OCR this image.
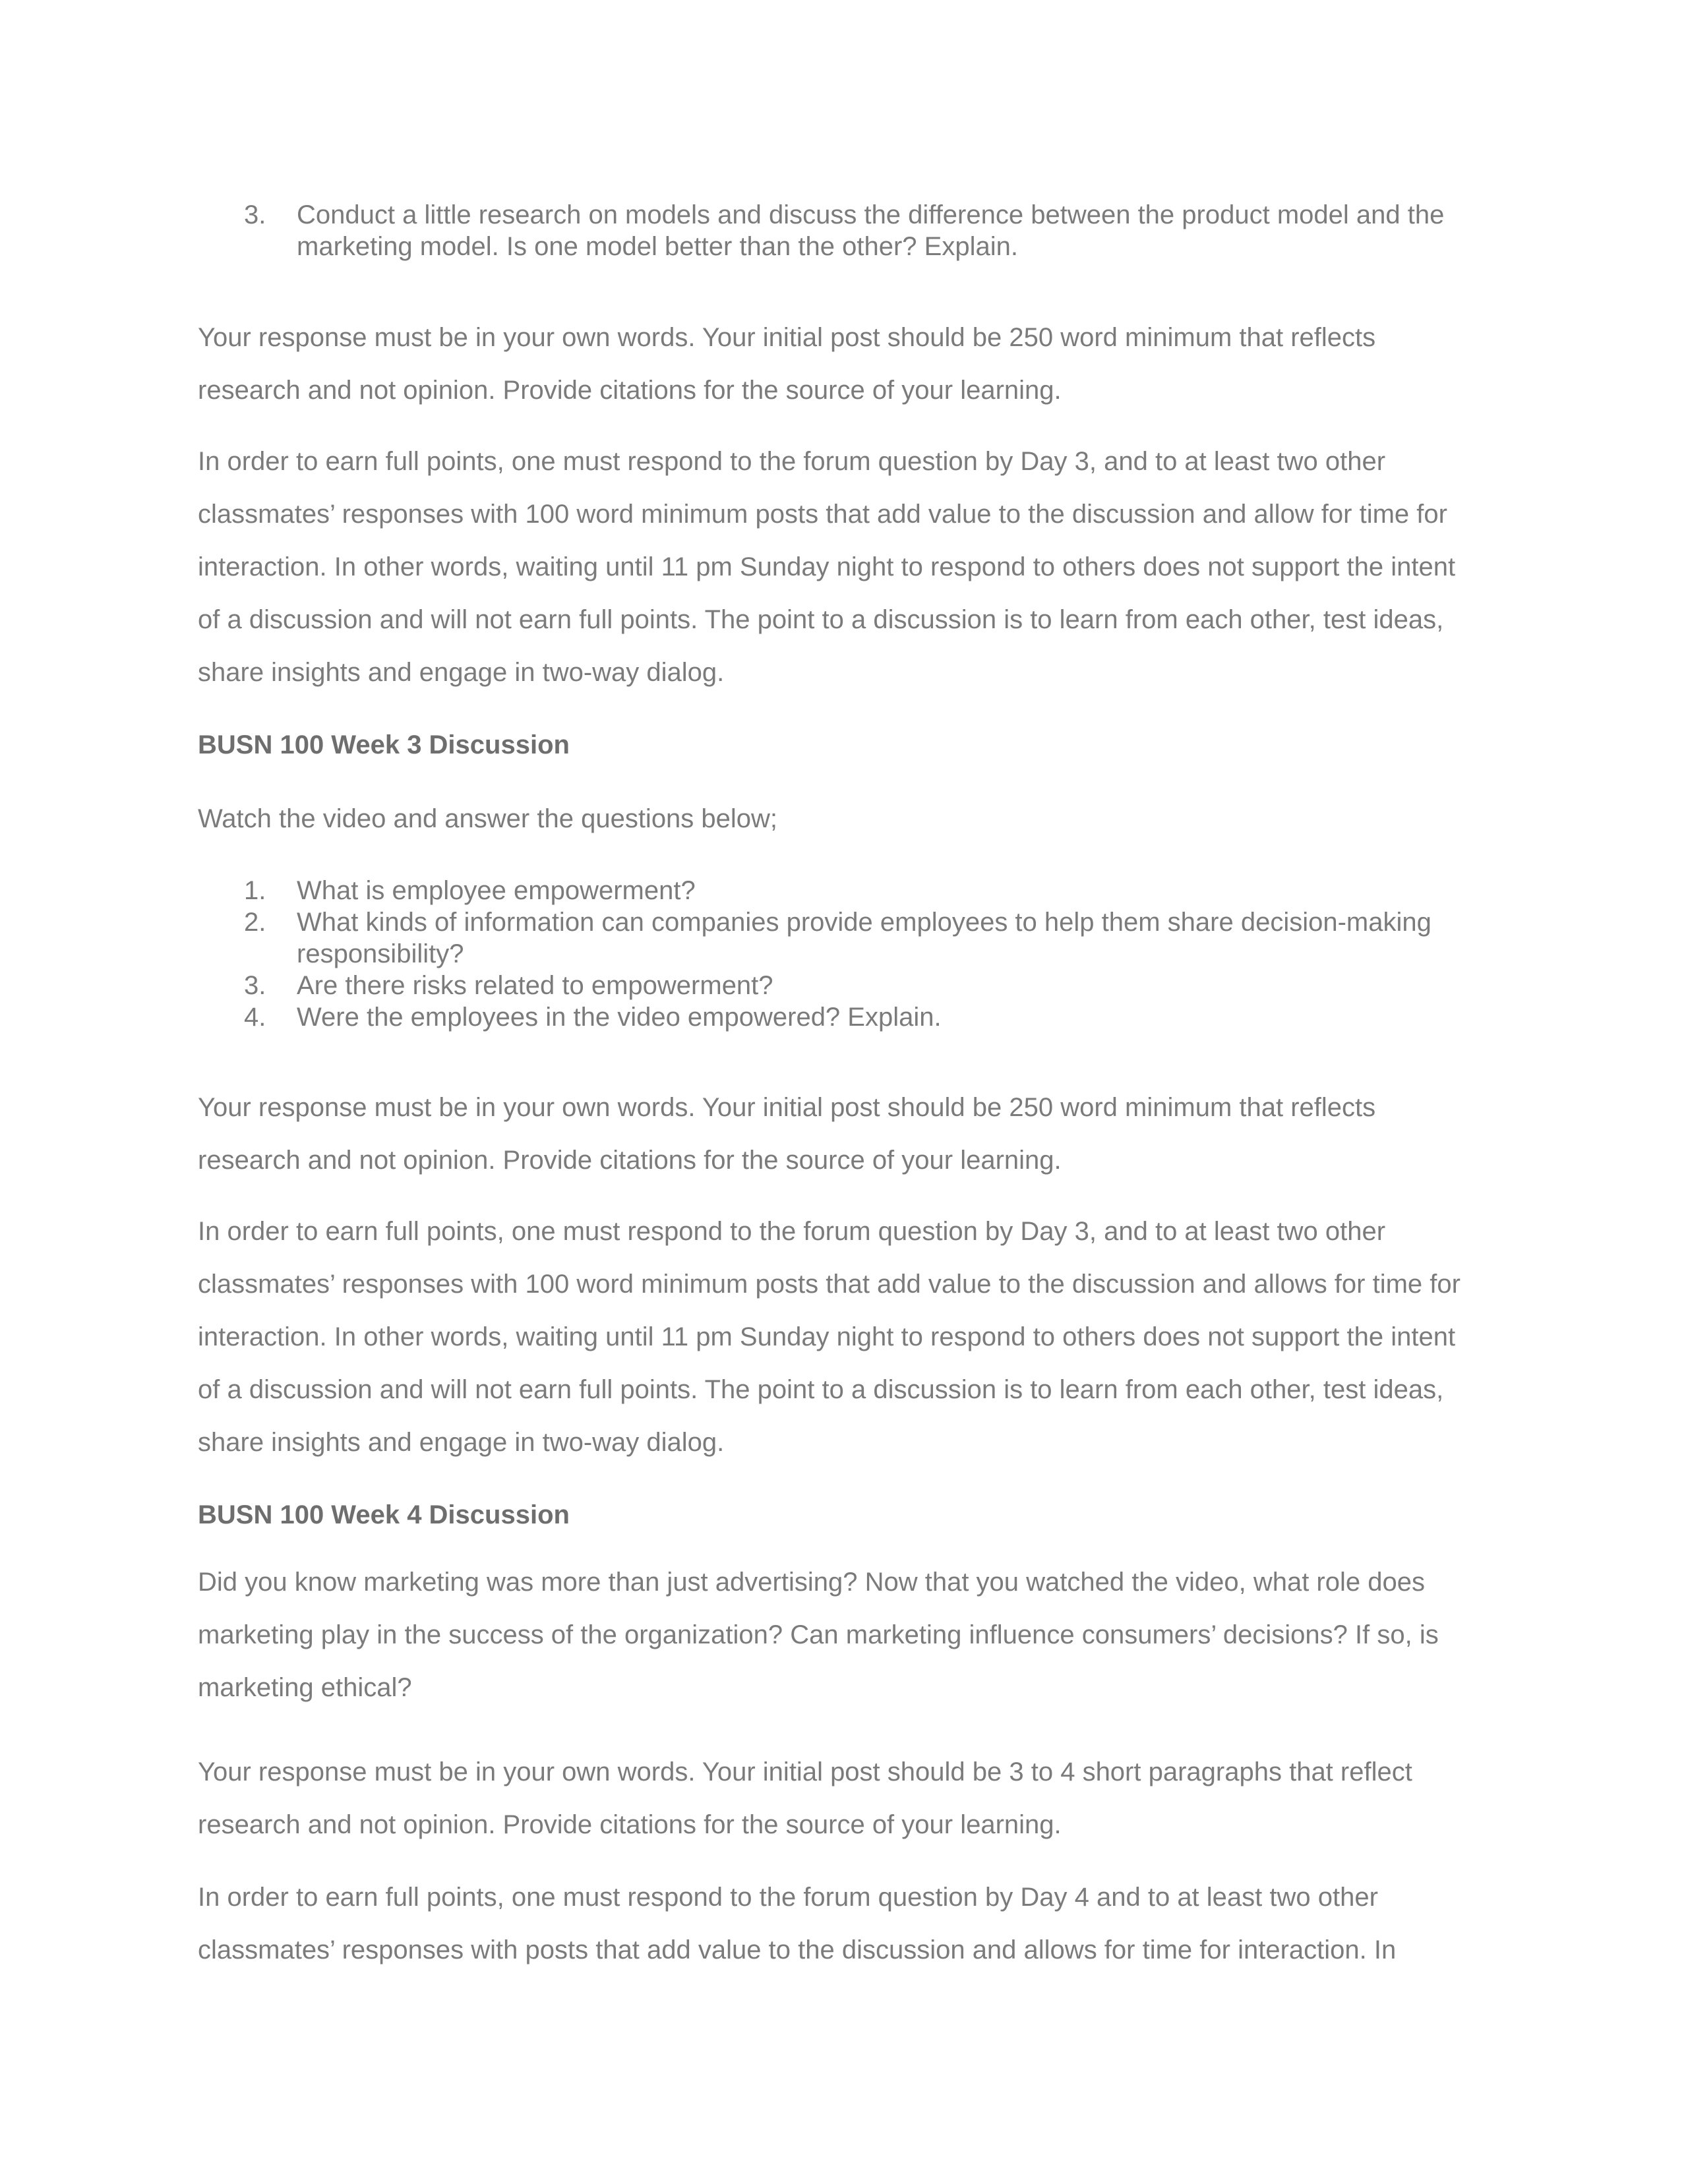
3.	Conduct a little research on models and discuss the difference between the product model and the marketing model. Is one model better than the other? Explain.
Your response must be in your own words. Your initial post should be 250 word minimum that reflects research and not opinion. Provide citations for the source of your learning.
In order to earn full points, one must respond to the forum question by Day 3, and to at least two other classmates’ responses with 100 word minimum posts that add value to the discussion and allow for time for interaction. In other words, waiting until 11 pm Sunday night to respond to others does not support the intent of a discussion and will not earn full points. The point to a discussion is to learn from each other, test ideas, share insights and engage in two-way dialog.
BUSN 100 Week 3 Discussion
Watch the video and answer the questions below;
1.	What is employee empowerment?
2.	What kinds of information can companies provide employees to help them share decision-making responsibility?
3.	Are there risks related to empowerment?
4.	Were the employees in the video empowered? Explain.
Your response must be in your own words. Your initial post should be 250 word minimum that reflects research and not opinion. Provide citations for the source of your learning.
In order to earn full points, one must respond to the forum question by Day 3, and to at least two other classmates’ responses with 100 word minimum posts that add value to the discussion and allows for time for interaction. In other words, waiting until 11 pm Sunday night to respond to others does not support the intent of a discussion and will not earn full points. The point to a discussion is to learn from each other, test ideas, share insights and engage in two-way dialog.
BUSN 100 Week 4 Discussion
Did you know marketing was more than just advertising? Now that you watched the video, what role does marketing play in the success of the organization? Can marketing influence consumers’ decisions? If so, is marketing ethical?
Your response must be in your own words. Your initial post should be 3 to 4 short paragraphs that reflect research and not opinion. Provide citations for the source of your learning.
In order to earn full points, one must respond to the forum question by Day 4 and to at least two other classmates’ responses with posts that add value to the discussion and allows for time for interaction. In
